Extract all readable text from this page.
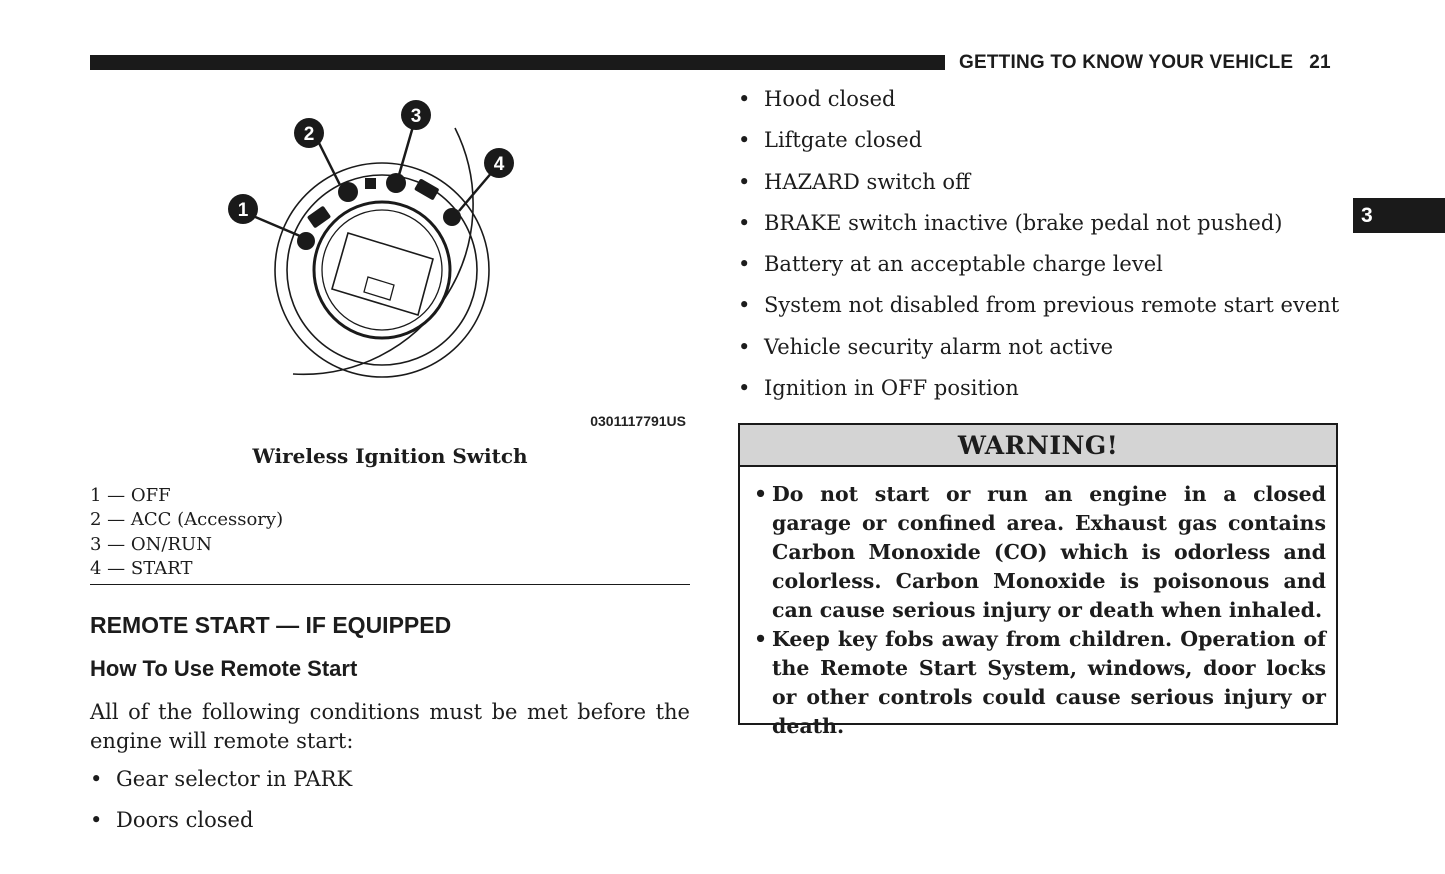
GETTING TO KNOW YOUR VEHICLE 21
3
1
2
3
4
0301117791US
Wireless Ignition Switch
1 — OFF
2 — ACC (Accessory)
3 — ON/RUN
4 — START
REMOTE START — IF EQUIPPED
How To Use Remote Start

All of the following conditions must be met before the engine will remote start:

• Gear selector in PARK
• Doors closed
• Hood closed
• Liftgate closed
• HAZARD switch off
• BRAKE switch inactive (brake pedal not pushed)
• Battery at an acceptable charge level
• System not disabled from previous remote start event
• Vehicle security alarm not active
• Ignition in OFF position
WARNING!
• Do not start or run an engine in a closed garage or confined area. Exhaust gas contains Carbon Monoxide (CO) which is odorless and colorless. Carbon Monoxide is poisonous and can cause serious injury or death when inhaled.
• Keep key fobs away from children. Operation of the Remote Start System, windows, door locks or other controls could cause serious injury or death.
